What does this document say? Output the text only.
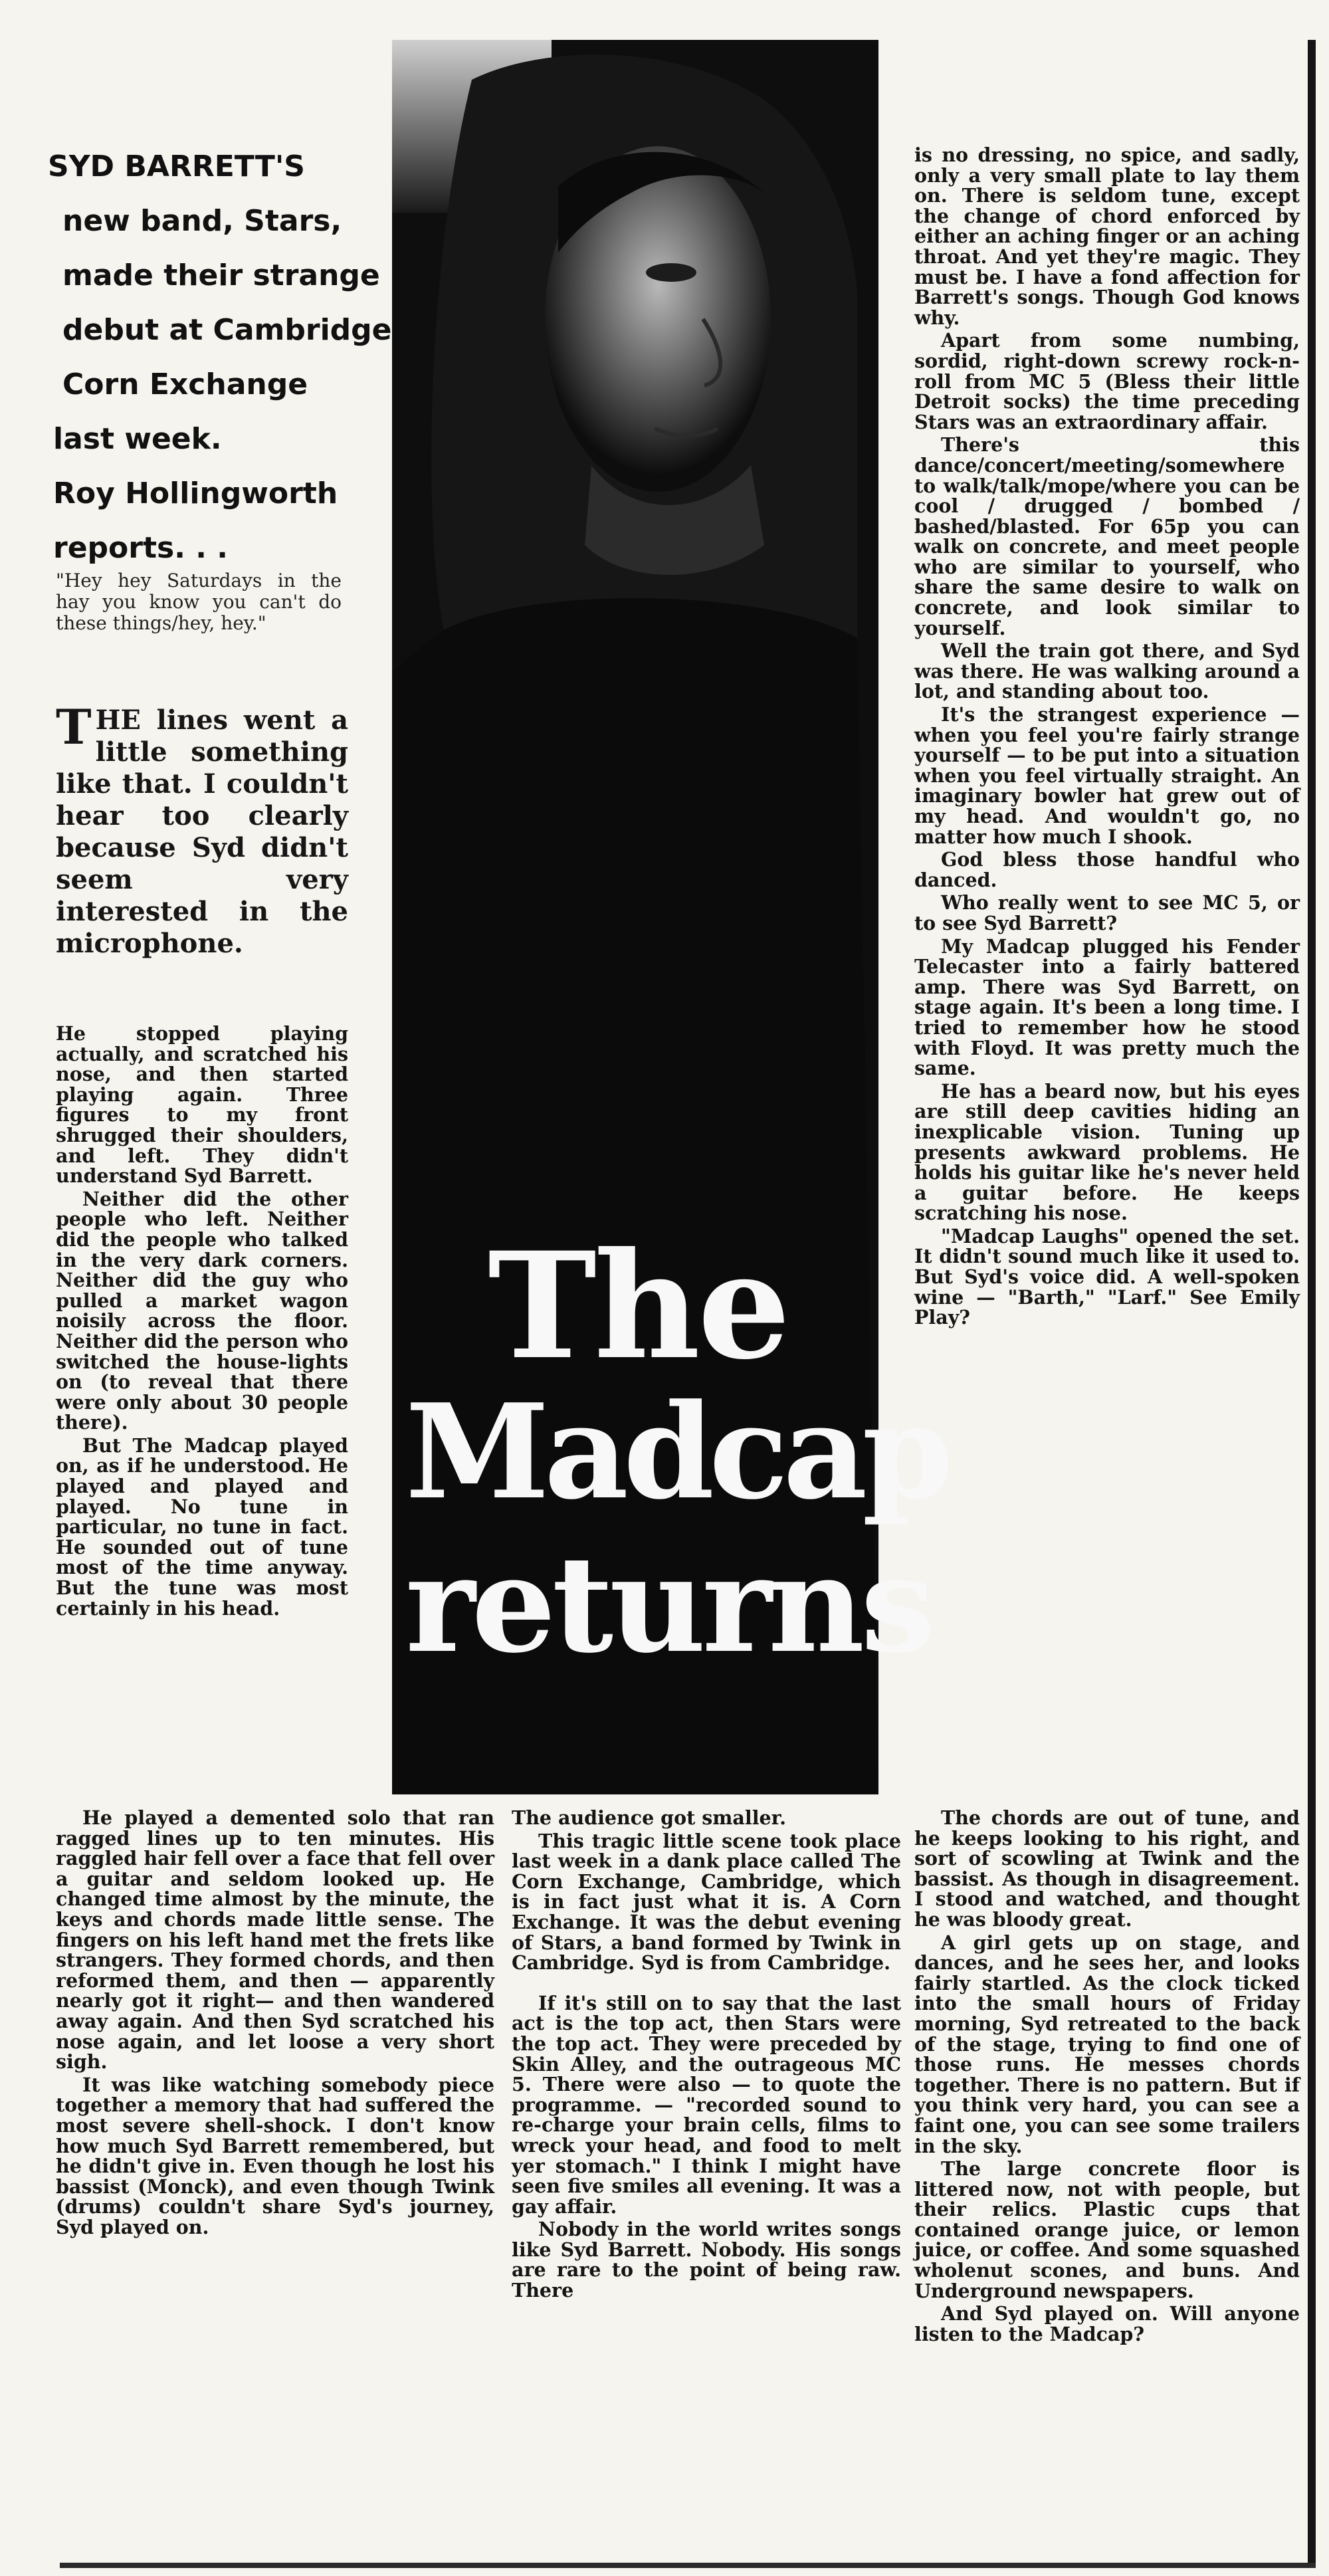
SYD BARRETT'S
new band, Stars,
made their strange
debut at Cambridge
Corn Exchange
last week.
Roy Hollingworth
reports. . .
"Hey hey Saturdays in the hay you know you can't do these things/hey, hey."
THE lines went a little something like that. I couldn't hear too clearly because Syd didn't seem very interested in the microphone.

He stopped playing actually, and scratched his nose, and then started playing again. Three figures to my front shrugged their shoulders, and left. They didn't understand Syd Barrett.

Neither did the other people who left. Neither did the people who talked in the very dark corners. Neither did the guy who pulled a market wagon noisily across the floor. Neither did the person who switched the house-lights on (to reveal that there were only about 30 people there).

But The Madcap played on, as if he understood. He played and played and played. No tune in particular, no tune in fact. He sounded out of tune most of the time anyway. But the tune was most certainly in his head.

The
Madcap
returns

He played a demented solo that ran ragged lines up to ten minutes. His raggled hair fell over a face that fell over a guitar and seldom looked up. He changed time almost by the minute, the keys and chords made little sense. The fingers on his left hand met the frets like strangers. They formed chords, and then reformed them, and then — apparently nearly got it right— and then wandered away again. And then Syd scratched his nose again, and let loose a very short sigh.

It was like watching somebody piece together a memory that had suffered the most severe shell-shock. I don't know how much Syd Barrett remembered, but he didn't give in. Even though he lost his bassist (Monck), and even though Twink (drums) couldn't share Syd's journey, Syd played on.

The audience got smaller.

This tragic little scene took place last week in a dank place called The Corn Exchange, Cambridge, which is in fact just what it is. A Corn Exchange. It was the debut evening of Stars, a band formed by Twink in Cambridge. Syd is from Cambridge.

If it's still on to say that the last act is the top act, then Stars were the top act. They were preceded by Skin Alley, and the outrageous MC 5. There were also — to quote the programme. — "recorded sound to re-charge your brain cells, films to wreck your head, and food to melt yer stomach." I think I might have seen five smiles all evening. It was a gay affair.

Nobody in the world writes songs like Syd Barrett. Nobody. His songs are rare to the point of being raw. There

is no dressing, no spice, and sadly, only a very small plate to lay them on. There is seldom tune, except the change of chord enforced by either an aching finger or an aching throat. And yet they're magic. They must be. I have a fond affection for Barrett's songs. Though God knows why.

Apart from some numbing, sordid, right-down screwy rock-n-roll from MC 5 (Bless their little Detroit socks) the time preceding Stars was an extraordinary affair.

There's this dance/concert/meeting/somewhere to walk/talk/mope/where you can be cool / drugged / bombed / bashed/blasted. For 65p you can walk on concrete, and meet people who are similar to yourself, who share the same desire to walk on concrete, and look similar to yourself.

Well the train got there, and Syd was there. He was walking around a lot, and standing about too.

It's the strangest experience — when you feel you're fairly strange yourself — to be put into a situation when you feel virtually straight. An imaginary bowler hat grew out of my head. And wouldn't go, no matter how much I shook.

God bless those handful who danced.

Who really went to see MC 5, or to see Syd Barrett?

My Madcap plugged his Fender Telecaster into a fairly battered amp. There was Syd Barrett, on stage again. It's been a long time. I tried to remember how he stood with Floyd. It was pretty much the same.

He has a beard now, but his eyes are still deep cavities hiding an inexplicable vision. Tuning up presents awkward problems. He holds his guitar like he's never held a guitar before. He keeps scratching his nose.

"Madcap Laughs" opened the set. It didn't sound much like it used to. But Syd's voice did. A well-spoken wine — "Barth," "Larf." See Emily Play?

The chords are out of tune, and he keeps looking to his right, and sort of scowling at Twink and the bassist. As though in disagreement. I stood and watched, and thought he was bloody great.

A girl gets up on stage, and dances, and he sees her, and looks fairly startled. As the clock ticked into the small hours of Friday morning, Syd retreated to the back of the stage, trying to find one of those runs. He messes chords together. There is no pattern. But if you think very hard, you can see a faint one, you can see some trailers in the sky.

The large concrete floor is littered now, not with people, but their relics. Plastic cups that contained orange juice, or lemon juice, or coffee. And some squashed wholenut scones, and buns. And Underground newspapers.

And Syd played on. Will anyone listen to the Madcap?
